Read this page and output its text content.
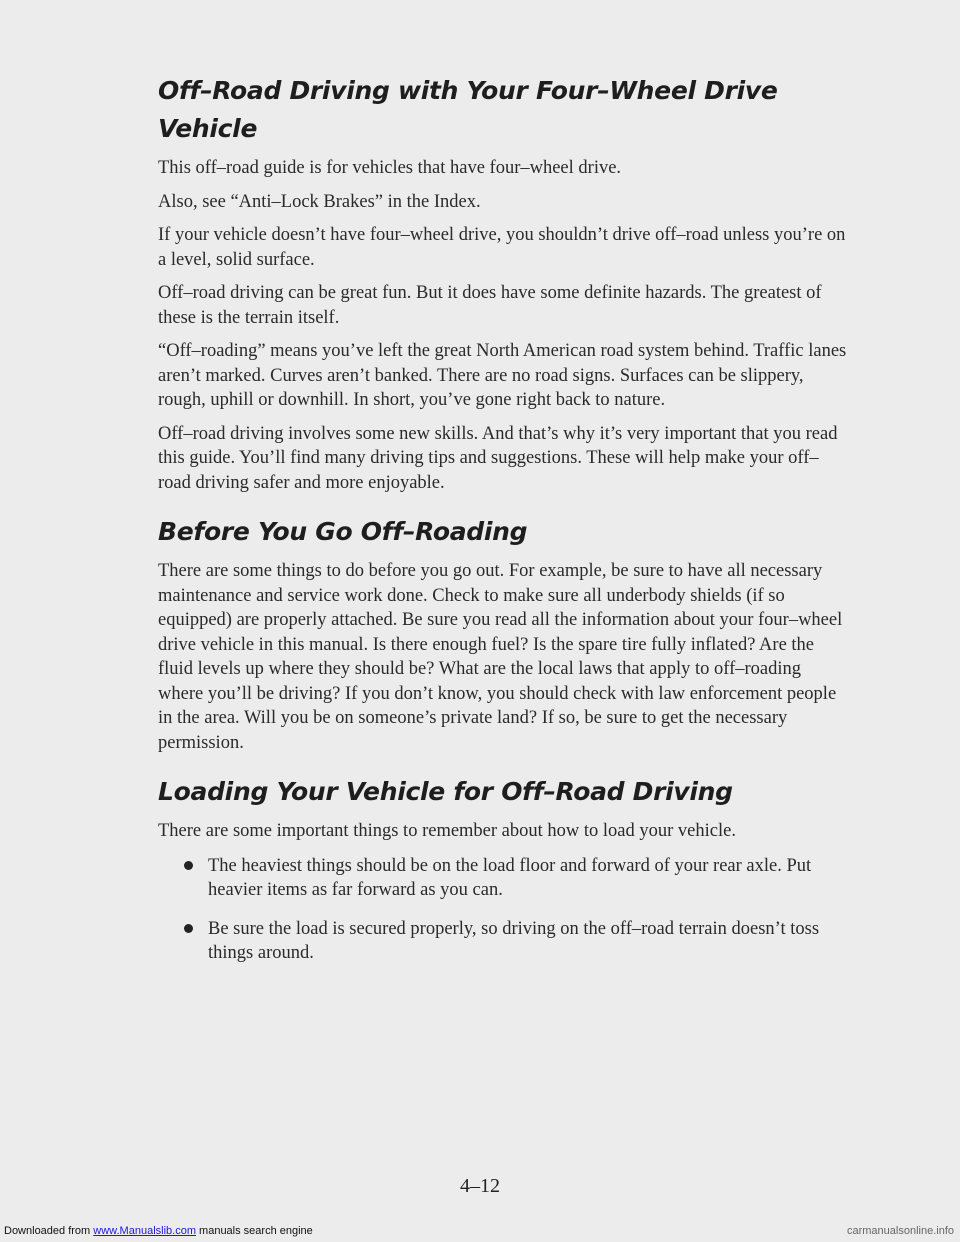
Off–Road Driving with Your Four–Wheel Drive Vehicle

This off–road guide is for vehicles that have four–wheel drive.

Also, see “Anti–Lock Brakes” in the Index.

If your vehicle doesn’t have four–wheel drive, you shouldn’t drive off–road unless you’re on a level, solid surface.

Off–road driving can be great fun. But it does have some definite hazards. The greatest of these is the terrain itself.

“Off–roading” means you’ve left the great North American road system behind. Traffic lanes aren’t marked. Curves aren’t banked. There are no road signs. Surfaces can be slippery, rough, uphill or downhill. In short, you’ve gone right back to nature.

Off–road driving involves some new skills. And that’s why it’s very important that you read this guide. You’ll find many driving tips and suggestions. These will help make your off–road driving safer and more enjoyable.

Before You Go Off–Roading

There are some things to do before you go out. For example, be sure to have all necessary maintenance and service work done. Check to make sure all underbody shields (if so equipped) are properly attached. Be sure you read all the information about your four–wheel drive vehicle in this manual. Is there enough fuel? Is the spare tire fully inflated? Are the fluid levels up where they should be? What are the local laws that apply to off–roading where you’ll be driving? If you don’t know, you should check with law enforcement people in the area. Will you be on someone’s private land? If so, be sure to get the necessary permission.

Loading Your Vehicle for Off–Road Driving

There are some important things to remember about how to load your vehicle.

The heaviest things should be on the load floor and forward of your rear axle. Put heavier items as far forward as you can.
Be sure the load is secured properly, so driving on the off–road terrain doesn’t toss things around.
4–12
Downloaded from www.Manualslib.com manuals search engine	carmanualsonline.info
